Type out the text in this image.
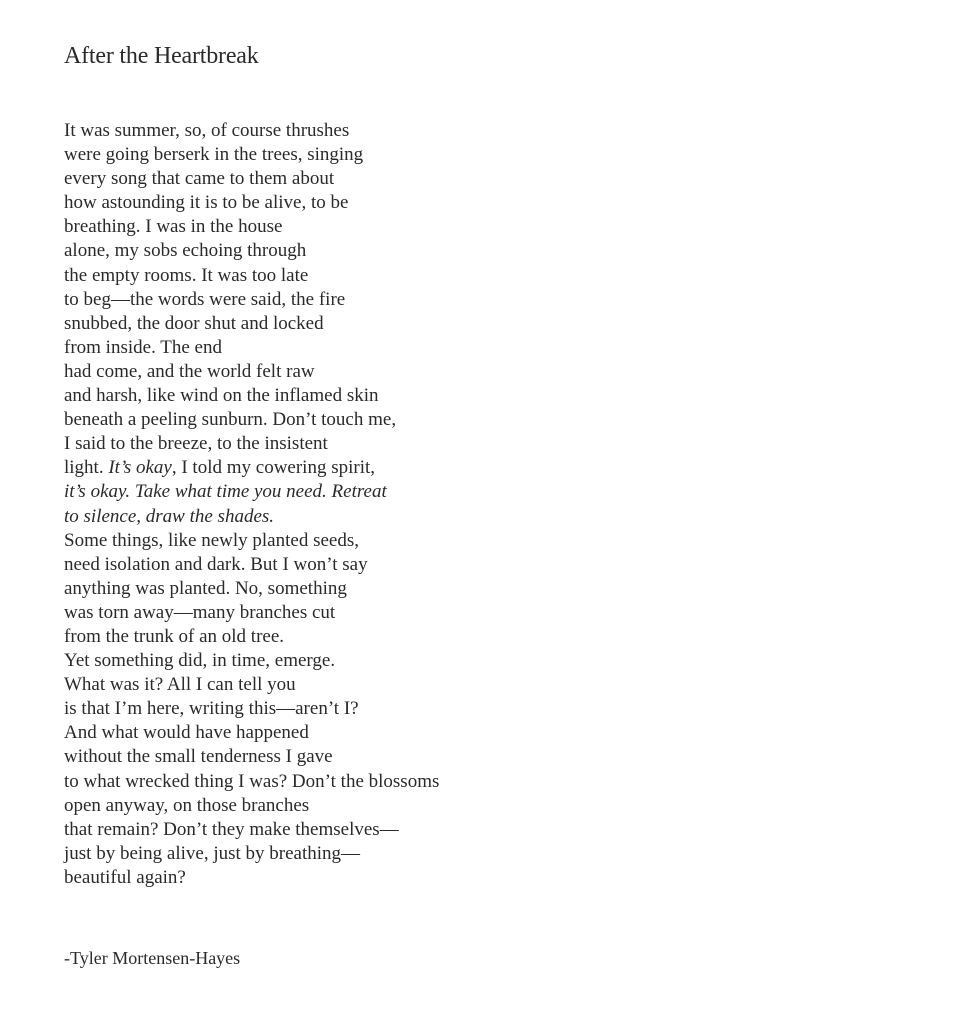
After the Heartbreak
It was summer, so, of course thrushes
were going berserk in the trees, singing
every song that came to them about
how astounding it is to be alive, to be
breathing. I was in the house
alone, my sobs echoing through
the empty rooms. It was too late
to beg—the words were said, the fire
snubbed, the door shut and locked
from inside. The end
had come, and the world felt raw
and harsh, like wind on the inflamed skin
beneath a peeling sunburn. Don’t touch me,
I said to the breeze, to the insistent
light. It’s okay, I told my cowering spirit,
it’s okay. Take what time you need. Retreat
to silence, draw the shades.
Some things, like newly planted seeds,
need isolation and dark. But I won’t say
anything was planted. No, something
was torn away—many branches cut
from the trunk of an old tree.
Yet something did, in time, emerge.
What was it? All I can tell you
is that I’m here, writing this—aren’t I?
And what would have happened
without the small tenderness I gave
to what wrecked thing I was? Don’t the blossoms
open anyway, on those branches
that remain? Don’t they make themselves—
just by being alive, just by breathing—
beautiful again?
-Tyler Mortensen-Hayes
